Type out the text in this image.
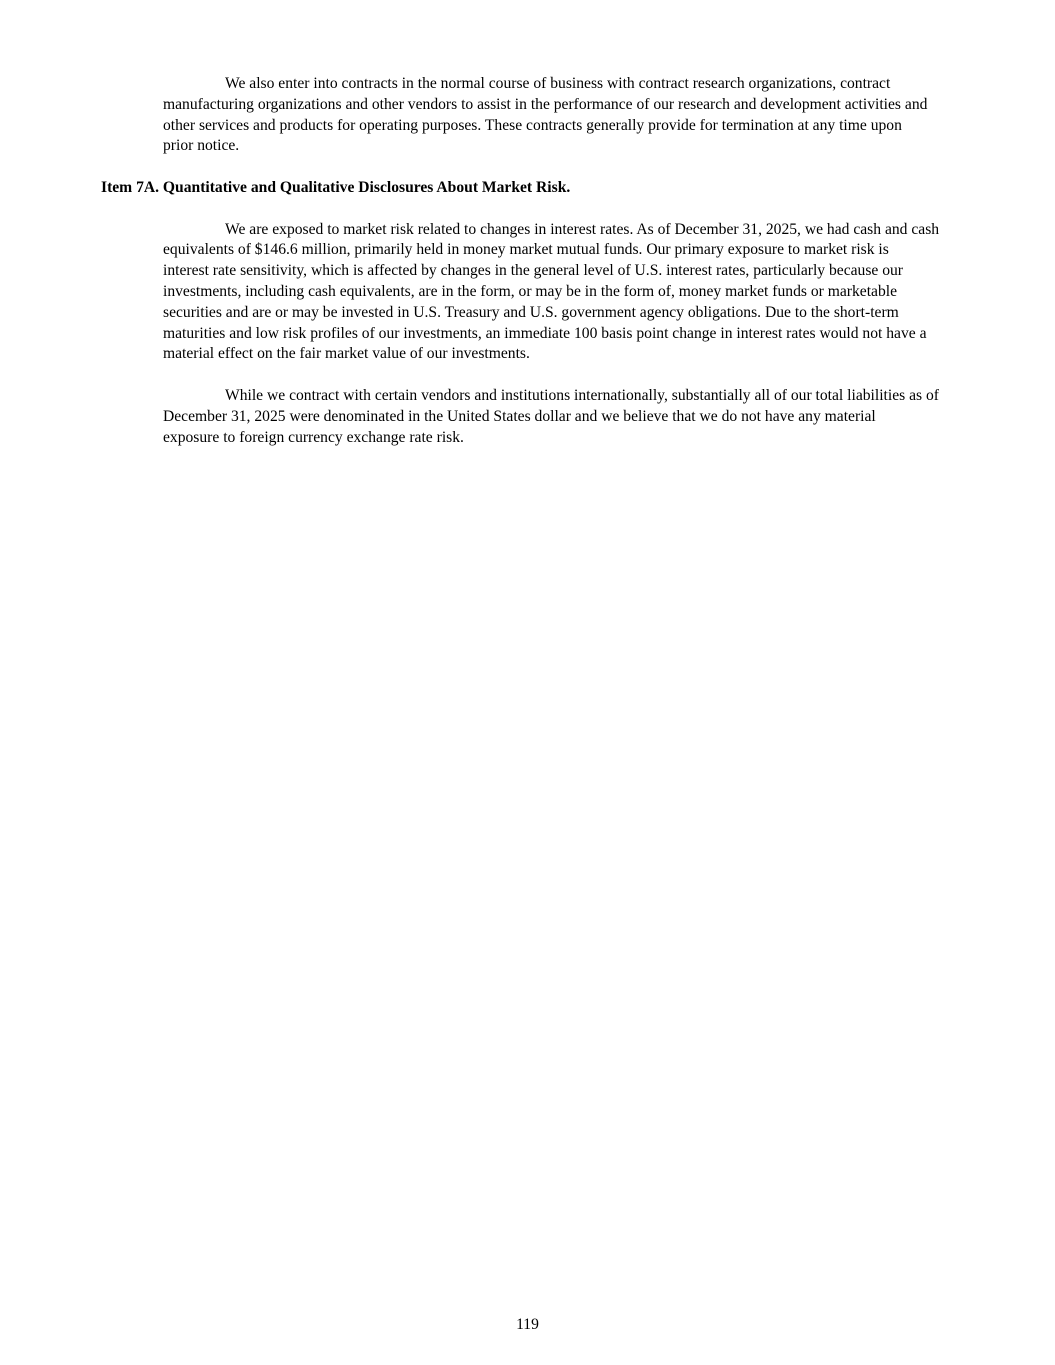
We also enter into contracts in the normal course of business with contract research organizations, contract
manufacturing organizations and other vendors to assist in the performance of our research and development activities and
other services and products for operating purposes. These contracts generally provide for termination at any time upon
prior notice.
Item 7A. Quantitative and Qualitative Disclosures About Market Risk.
We are exposed to market risk related to changes in interest rates. As of December 31, 2025, we had cash and cash
equivalents of $146.6 million, primarily held in money market mutual funds. Our primary exposure to market risk is
interest rate sensitivity, which is affected by changes in the general level of U.S. interest rates, particularly because our
investments, including cash equivalents, are in the form, or may be in the form of, money market funds or marketable
securities and are or may be invested in U.S. Treasury and U.S. government agency obligations. Due to the short-term
maturities and low risk profiles of our investments, an immediate 100 basis point change in interest rates would not have a
material effect on the fair market value of our investments.
While we contract with certain vendors and institutions internationally, substantially all of our total liabilities as of
December 31, 2025 were denominated in the United States dollar and we believe that we do not have any material
exposure to foreign currency exchange rate risk.
119
